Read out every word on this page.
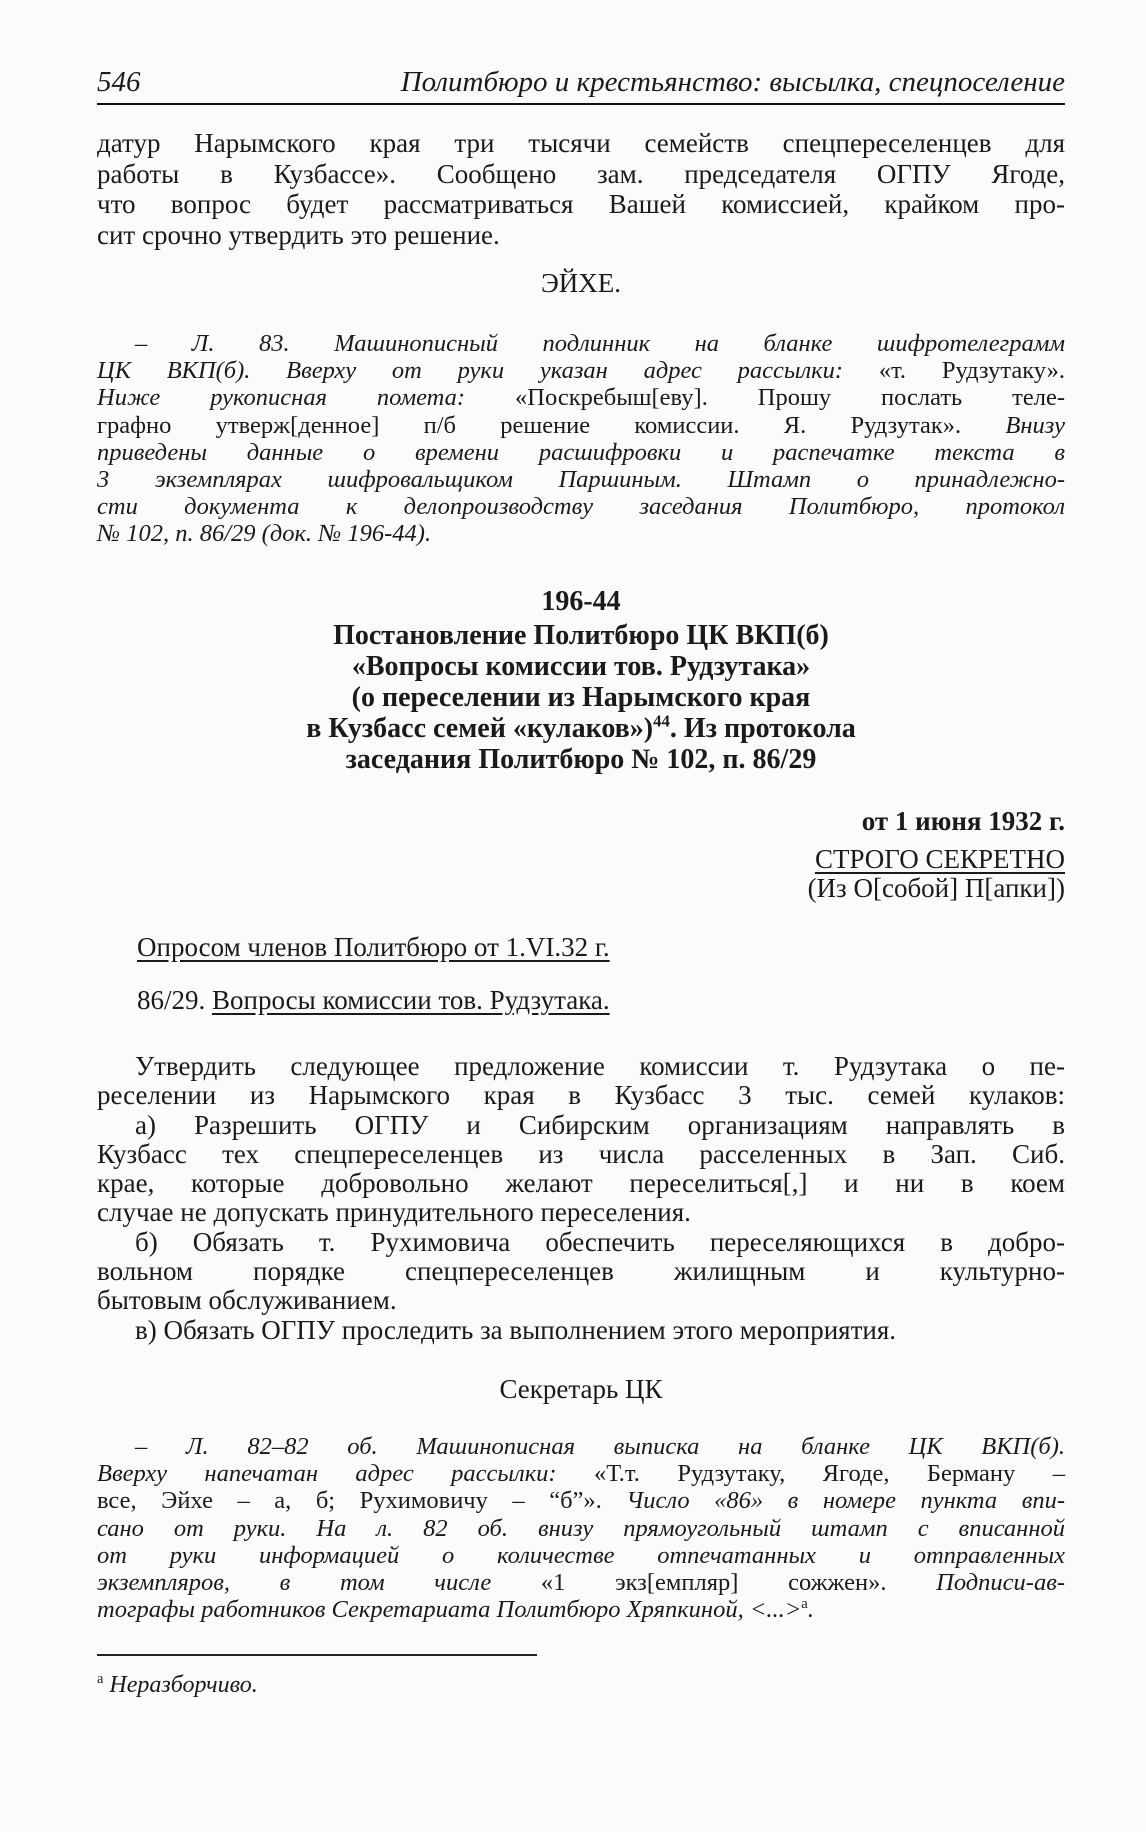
546	Политбюро и крестьянство: высылка, спецпоселение
датур Нарымского края три тысячи семейств спецпереселенцев для
работы в Кузбассе». Сообщено зам. председателя ОГПУ Ягоде,
что вопрос будет рассматриваться Вашей комиссией, крайком про-
сит срочно утвердить это решение.
ЭЙХЕ.
– Л. 83. Машинописный подлинник на бланке шифротелеграмм
ЦК ВКП(б). Вверху от руки указан адрес рассылки: «т. Рудзутаку».
Ниже рукописная помета: «Поскребыш[еву]. Прошу послать теле-
графно утверж[денное] п/б решение комиссии. Я. Рудзутак». Внизу
приведены данные о времени расшифровки и распечатке текста в
3 экземплярах шифровальщиком Паршиным. Штамп о принадлежно-
сти документа к делопроизводству заседания Политбюро, протокол
№ 102, п. 86/29 (док. № 196-44).
196-44
Постановление Политбюро ЦК ВКП(б)
«Вопросы комиссии тов. Рудзутака»
(о переселении из Нарымского края
в Кузбасс семей «кулаков»)$^{44}$. Из протокола
заседания Политбюро № 102, п. 86/29
от 1 июня 1932 г.
СТРОГО СЕКРЕТНО
(Из О[собой] П[апки])
Опросом членов Политбюро от 1.VI.32 г.
86/29. Вопросы комиссии тов. Рудзутака.
Утвердить следующее предложение комиссии т. Рудзутака о пе-
реселении из Нарымского края в Кузбасс 3 тыс. семей кулаков:
а) Разрешить ОГПУ и Сибирским организациям направлять в
Кузбасс тех спецпереселенцев из числа расселенных в Зап. Сиб.
крае, которые добровольно желают переселиться[,] и ни в коем
случае не допускать принудительного переселения.
б) Обязать т. Рухимовича обеспечить переселяющихся в добро-
вольном порядке спецпереселенцев жилищным и культурно-
бытовым обслуживанием.
в) Обязать ОГПУ проследить за выполнением этого мероприятия.
Секретарь ЦК
– Л. 82–82 об. Машинописная выписка на бланке ЦК ВКП(б).
Вверху напечатан адрес рассылки: «Т.т. Рудзутаку, Ягоде, Берману –
все, Эйхе – а, б; Рухимовичу – “б”». Число «86» в номере пункта впи-
сано от руки. На л. 82 об. внизу прямоугольный штамп с вписанной
от руки информацией о количестве отпечатанных и отправленных
экземпляров, в том числе «1 экз[емпляр] сожжен». Подписи-ав-
тографы работников Секретариата Политбюро Хряпкиной, <...>$^а$.
$^а$ Неразборчиво.
